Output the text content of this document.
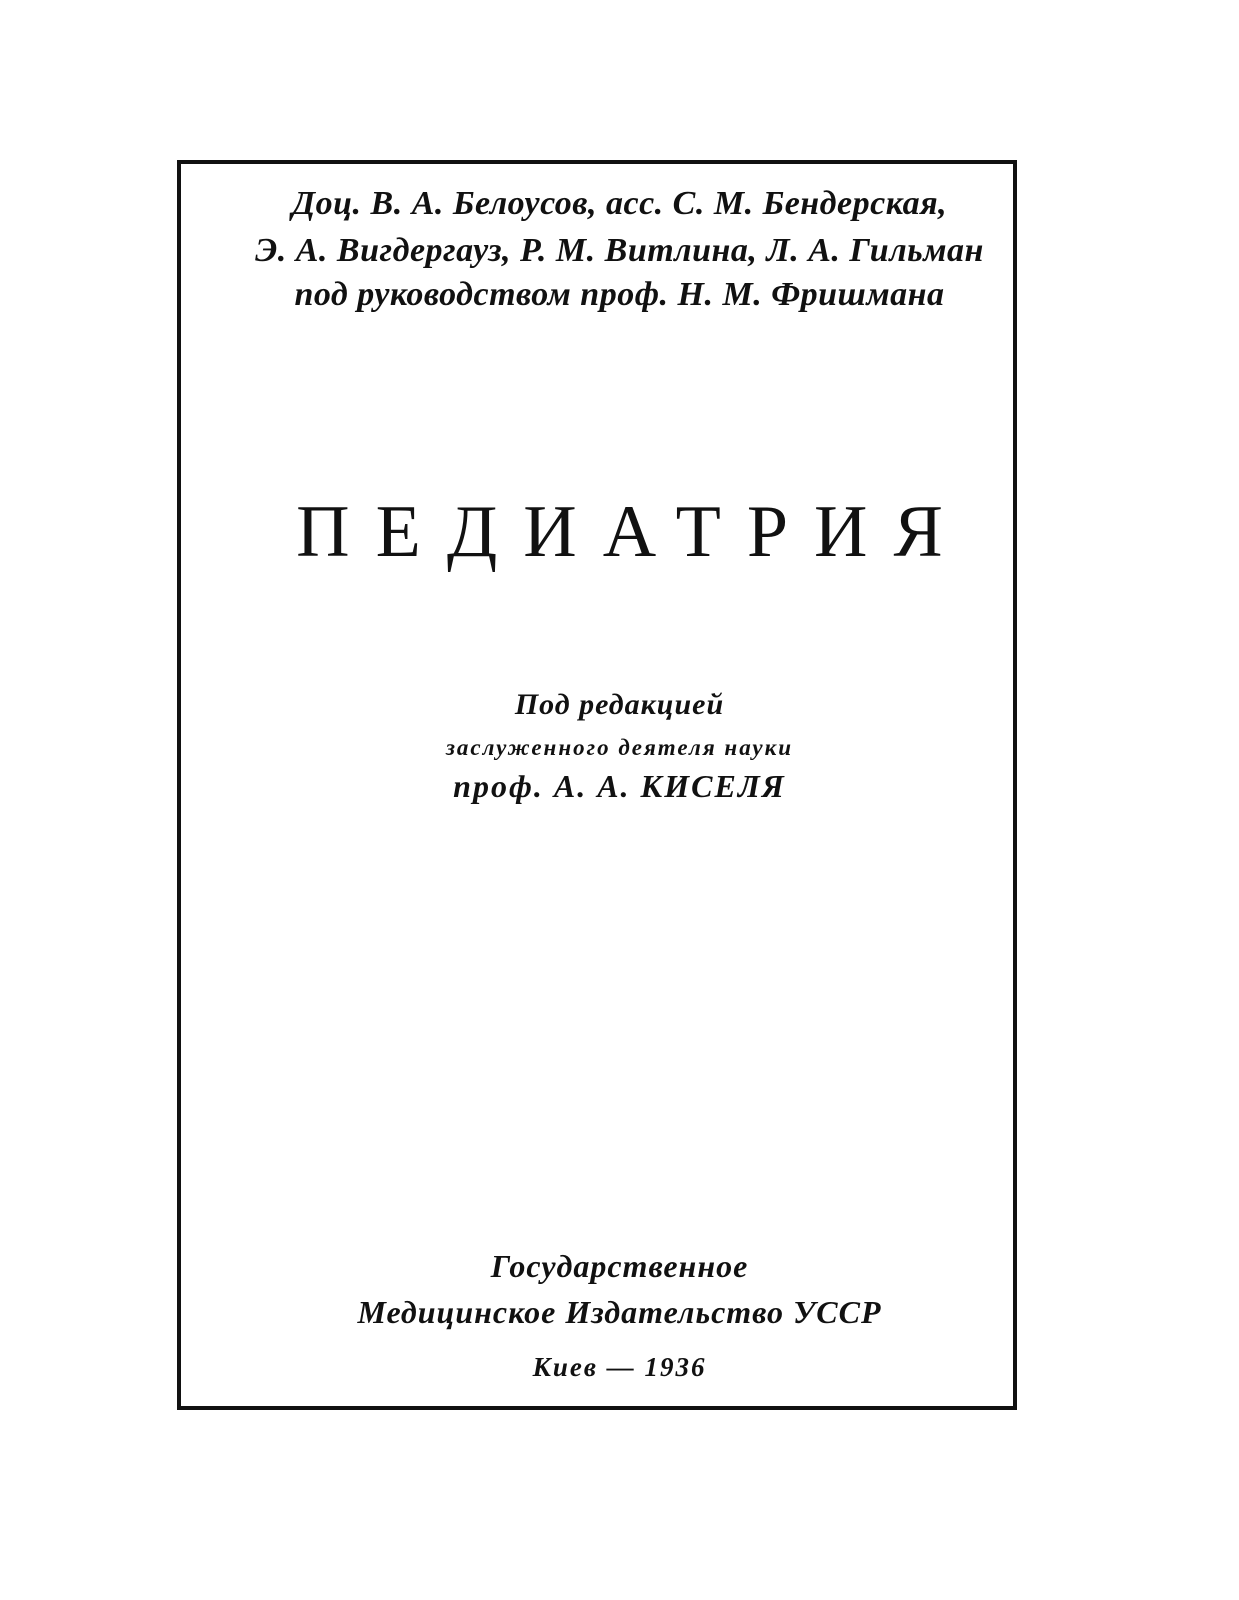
Доц. В. А. Белоусов, асс. С. М. Бендерская,
Э. А. Вигдергауз, Р. М. Витлина, Л. А. Гильман
под руководством проф. Н. М. Фришмана
ПЕДИАТРИЯ
Под редакцией
заслуженного деятеля науки
проф. А. А. КИСЕЛЯ
Государственное
Медицинское Издательство УССР
Киев — 1936
